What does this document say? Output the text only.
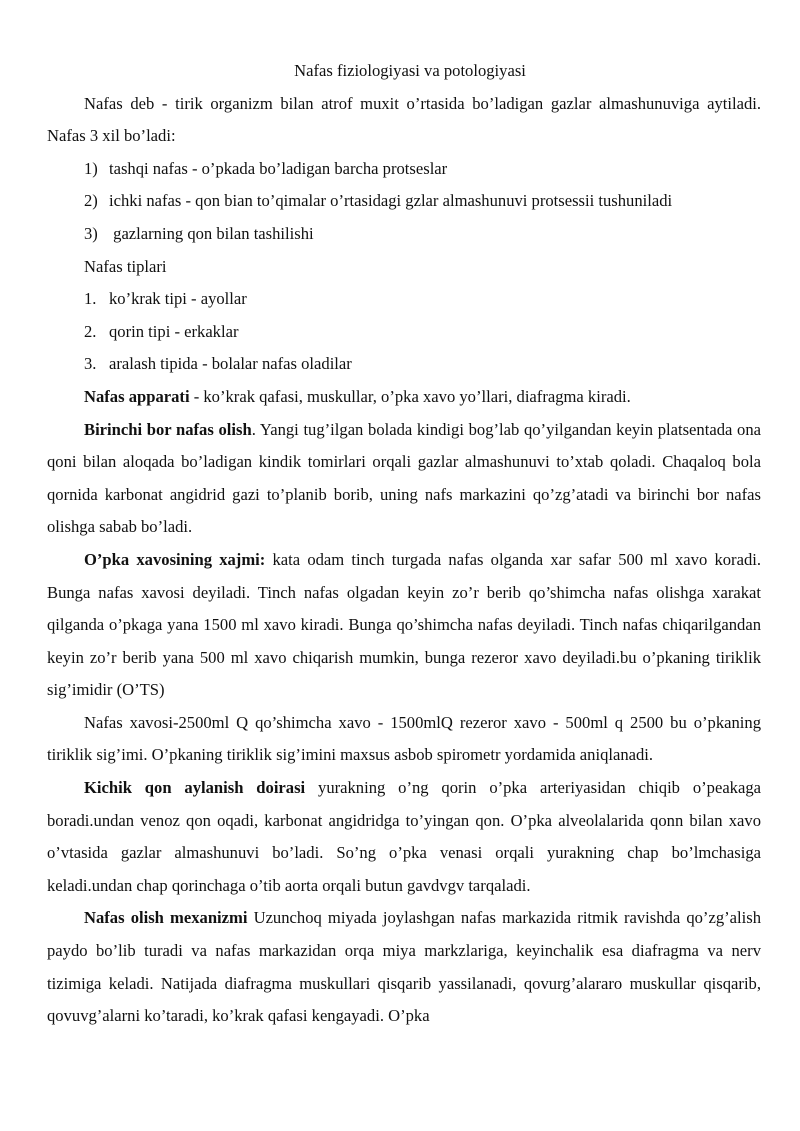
Nafas fiziologiyasi va potologiyasi

Nafas deb - tirik organizm bilan atrof muxit o’rtasida bo’ladigan gazlar almashunuviga aytiladi. Nafas 3 xil bo’ladi:

1) tashqi nafas - o’pkada bo’ladigan barcha protseslar

2) ichki nafas - qon bian to’qimalar o’rtasidagi gzlar almashunuvi protsessii tushuniladi

3) gazlarning qon bilan tashilishi

Nafas tiplari

1. ko’krak tipi - ayollar

2. qorin tipi - erkaklar

3. aralash tipida - bolalar nafas oladilar

Nafas apparati - ko’krak qafasi, muskullar, o’pka xavo yo’llari, diafragma kiradi.

Birinchi bor nafas olish. Yangi tug’ilgan bolada kindigi bog’lab qo’yilgandan keyin platsentada ona qoni bilan aloqada bo’ladigan kindik tomirlari orqali gazlar almashunuvi to’xtab qoladi. Chaqaloq bola qornida karbonat angidrid gazi to’planib borib, uning nafs markazini qo’zg’atadi va birinchi bor nafas olishga sabab bo’ladi.

O’pka xavosining xajmi: kata odam tinch turgada nafas olganda xar safar 500 ml xavo koradi. Bunga nafas xavosi deyiladi. Tinch nafas olgadan keyin zo’r berib qo’shimcha nafas olishga xarakat qilganda o’pkaga yana 1500 ml xavo kiradi. Bunga qo’shimcha nafas deyiladi. Tinch nafas chiqarilgandan keyin zo’r berib yana 500 ml xavo chiqarish mumkin, bunga rezeror xavo deyiladi.bu o’pkaning tiriklik sig’imidir (O’TS)

Nafas xavosi-2500ml Q qo’shimcha xavo - 1500mlQ rezeror xavo - 500ml q 2500 bu o’pkaning tiriklik sig’imi. O’pkaning tiriklik sig’imini maxsus asbob spirometr yordamida aniqlanadi.

Kichik qon aylanish doirasi yurakning o’ng qorin o’pka arteriyasidan chiqib o’peakaga boradi.undan venoz qon oqadi, karbonat angidridga to’yingan qon. O’pka alveolalarida qonn bilan xavo o’vtasida gazlar almashunuvi bo’ladi. So’ng o’pka venasi orqali yurakning chap bo’lmchasiga keladi.undan chap qorinchaga o’tib aorta orqali butun gavdvgv tarqaladi.

Nafas olish mexanizmi Uzunchoq miyada joylashgan nafas markazida ritmik ravishda qo’zg’alish paydo bo’lib turadi va nafas markazidan orqa miya markzlariga, keyinchalik esa diafragma va nerv tizimiga keladi. Natijada diafragma muskullari qisqarib yassilanadi, qovurg’alararo muskullar qisqarib, qovuvg’alarni ko’taradi, ko’krak qafasi kengayadi. O’pka
